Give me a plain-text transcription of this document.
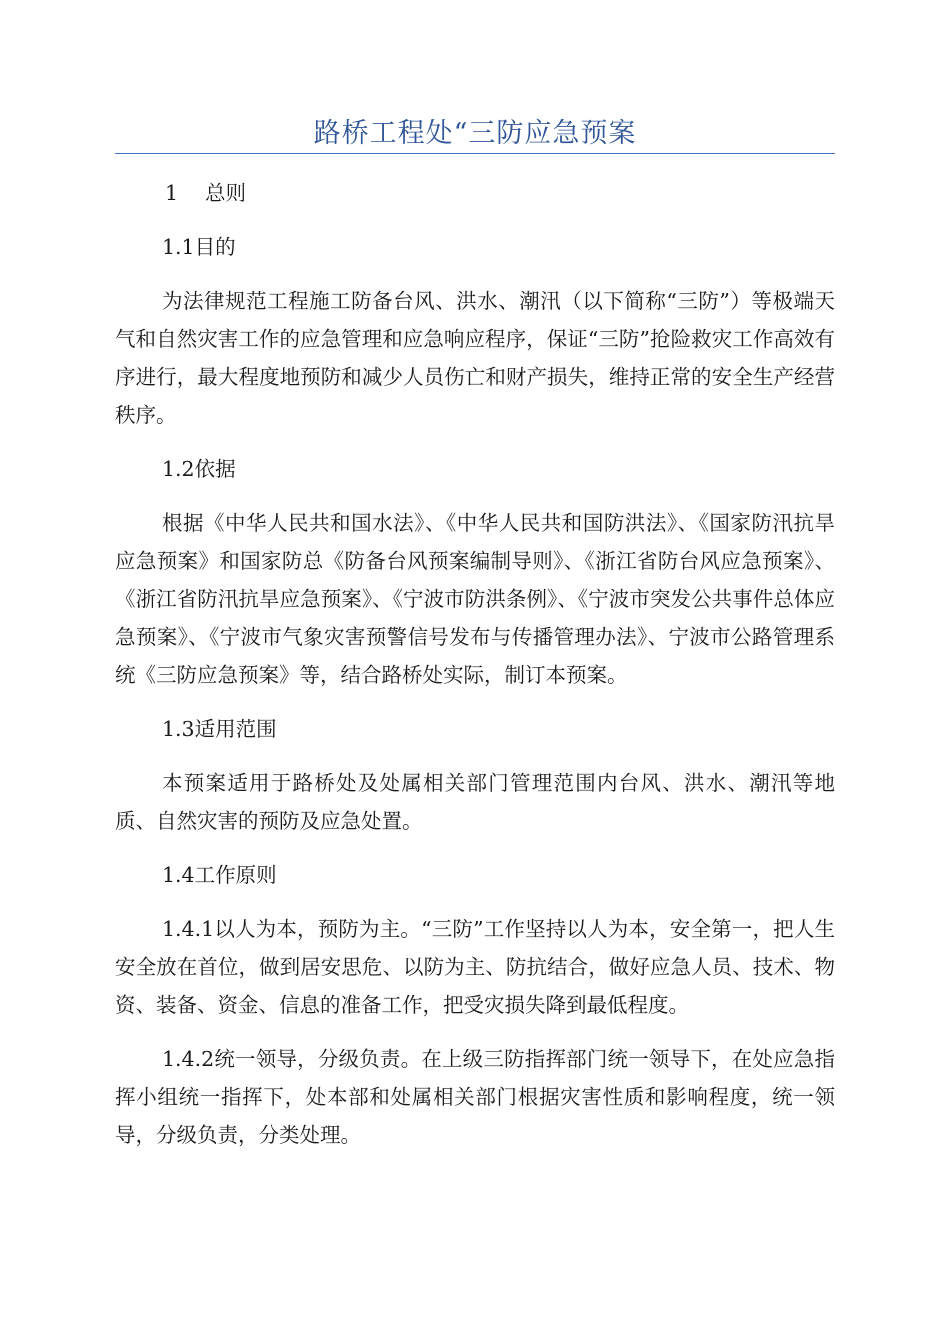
路桥工程处“三防应急预案
1 总则
1.1目的

为法律规范工程施工防备台风、洪水、潮汛（以下简称“三防”）等极端天气和自然灾害工作的应急管理和应急响应程序，保证“三防”抢险救灾工作高效有序进行，最大程度地预防和减少人员伤亡和财产损失，维持正常的安全生产经营秩序。

1.2依据

根据《中华人民共和国水法》、《中华人民共和国防洪法》、《国家防汛抗旱应急预案》和国家防总《防备台风预案编制导则》、《浙江省防台风应急预案》、《浙江省防汛抗旱应急预案》、《宁波市防洪条例》、《宁波市突发公共事件总体应急预案》、《宁波市气象灾害预警信号发布与传播管理办法》、宁波市公路管理系统《三防应急预案》等，结合路桥处实际，制订本预案。

1.3适用范围

本预案适用于路桥处及处属相关部门管理范围内台风、洪水、潮汛等地质、自然灾害的预防及应急处置。

1.4工作原则

1.4.1以人为本，预防为主。“三防”工作坚持以人为本，安全第一，把人生安全放在首位，做到居安思危、以防为主、防抗结合，做好应急人员、技术、物资、装备、资金、信息的准备工作，把受灾损失降到最低程度。

1.4.2统一领导，分级负责。在上级三防指挥部门统一领导下，在处应急指挥小组统一指挥下，处本部和处属相关部门根据灾害性质和影响程度，统一领导，分级负责，分类处理。
